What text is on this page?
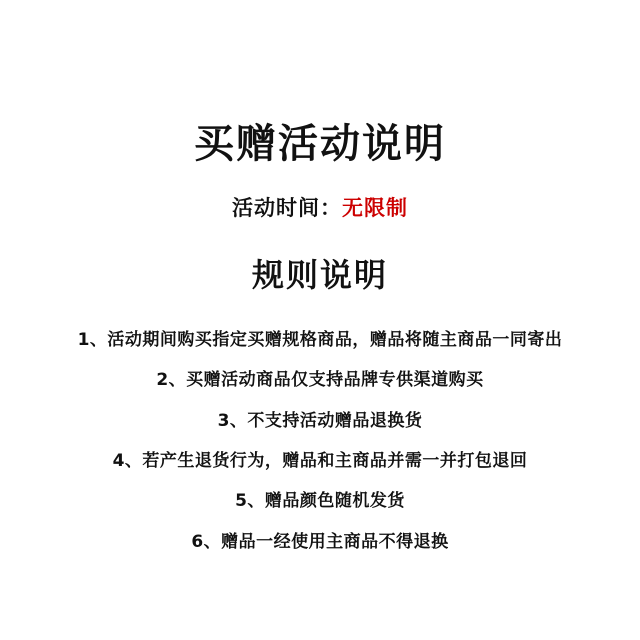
买赠活动说明
活动时间：无限制
规则说明
1、活动期间购买指定买赠规格商品，赠品将随主商品一同寄出
2、买赠活动商品仅支持品牌专供渠道购买
3、不支持活动赠品退换货
4、若产生退货行为，赠品和主商品并需一并打包退回
5、赠品颜色随机发货
6、赠品一经使用主商品不得退换
